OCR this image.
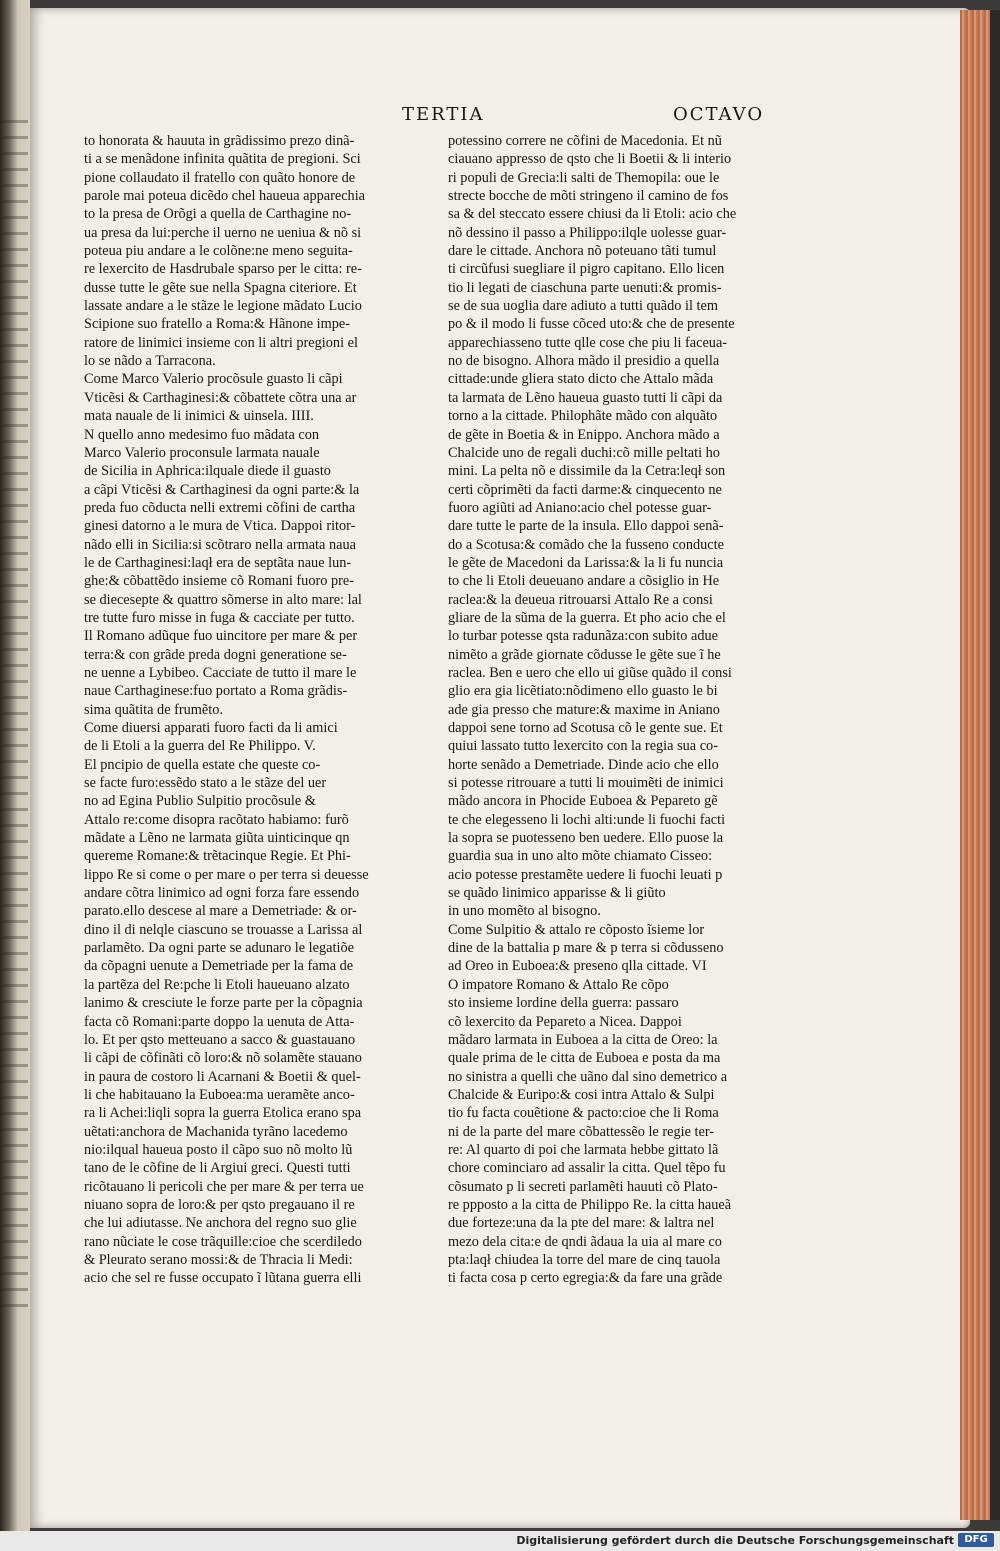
TERTIA	OCTAVO

to honorata & hauuta in grãdissimo prezo dinã-

ti a se menãdone infinita quãtita de pregioni. Sci

pione collaudato il fratello con quãto honore de

parole mai poteua dicẽdo chel haueua apparechia

to la presa de Orõgi a quella de Carthagine no-

ua presa da lui:perche il uerno ne ueniua & nõ si

poteua piu andare a le colõne:ne meno seguita-

re lexercito de Hasdrubale sparso per le citta: re-

dusse tutte le gẽte sue nella Spagna citeriore. Et

lassate andare a le stãze le legione mãdato Lucio

Scipione suo fratello a Roma:& Hãnone impe-

ratore de linimici insieme con li altri pregioni el

lo se nãdo a Tarracona.

Come Marco Valerio procõsule guasto li cãpi

Vticẽsi & Carthaginesi:& cõbattete cõtra una ar

mata nauale de li inimici & uinsela. IIII.

N quello anno medesimo fuo mãdata con

Marco Valerio proconsule larmata nauale

de Sicilia in Aphrica:ilquale diede il guasto

a cãpi Vticẽsi & Carthaginesi da ogni parte:& la

preda fuo cõducta nelli extremi cõfini de cartha

ginesi datorno a le mura de Vtica. Dappoi ritor-

nãdo elli in Sicilia:si scõtraro nella armata naua

le de Carthaginesi:laqł era de septãta naue lun-

ghe:& cõbattẽdo insieme cõ Romani fuoro pre-

se diecesepte & quattro sõmerse in alto mare: lal

tre tutte furo misse in fuga & cacciate per tutto.

Il Romano adũque fuo uincitore per mare & per

terra:& con grãde preda dogni generatione se-

ne uenne a Lybibeo. Cacciate de tutto il mare le

naue Carthaginese:fuo portato a Roma grãdis-

sima quãtita de frumẽto.

Come diuersi apparati fuoro facti da li amici

de li Etoli a la guerra del Re Philippo. V.

El pncipio de quella estate che queste co-

se facte furo:essẽdo stato a le stãze del uer

no ad Egina Publio Sulpitio procõsule &

Attalo re:come disopra racõtato habiamo: furõ

mãdate a Lẽno ne larmata giũta uinticinque qn

quereme Romane:& trẽtacinque Regie. Et Phi-

lippo Re si come o per mare o per terra si deuesse

andare cõtra linimico ad ogni forza fare essendo

parato.ello descese al mare a Demetriade: & or-

dino il di nelqle ciascuno se trouasse a Larissa al

parlamẽto. Da ogni parte se adunaro le legatiõe

da cõpagni uenute a Demetriade per la fama de

la partẽza del Re:pche li Etoli haueuano alzato

lanimo & cresciute le forze parte per la cõpagnia

facta cõ Romani:parte doppo la uenuta de Atta-

lo. Et per qsto metteuano a sacco & guastauano

li cãpi de cõfinãti cõ loro:& nõ solamẽte stauano

in paura de costoro li Acarnani & Boetii & quel-

li che habitauano la Euboea:ma ueramẽte anco-

ra li Achei:liqli sopra la guerra Etolica erano spa

uẽtati:anchora de Machanida tyrãno lacedemo

nio:ilqual haueua posto il cãpo suo nõ molto lũ

tano de le cõfine de li Argiui greci. Questi tutti

ricõtauano li pericoli che per mare & per terra ue

niuano sopra de loro:& per qsto pregauano il re

che lui adiutasse. Ne anchora del regno suo glie

rano nũciate le cose trãquille:cioe che scerdiledo

& Pleurato serano mossi:& de Thracia li Medi:

acio che sel re fusse occupato ĩ lũtana guerra elli

potessino correre ne cõfini de Macedonia. Et nũ

ciauano appresso de qsto che li Boetii & li interio

ri populi de Grecia:li salti de Themopila: oue le

strecte bocche de mõti stringeno il camino de fos

sa & del steccato essere chiusi da li Etoli: acio che

nõ dessino il passo a Philippo:ilqle uolesse guar-

dare le cittade. Anchora nõ poteuano tãti tumul

ti circũfusi suegliare il pigro capitano. Ello licen

tio li legati de ciaschuna parte uenuti:& promis-

se de sua uoglia dare adiuto a tutti quãdo il tem

po & il modo li fusse cõced uto:& che de presente

apparechiasseno tutte qlle cose che piu li faceua-

no de bisogno. Alhora mãdo il presidio a quella

cittade:unde gliera stato dicto che Attalo mãda

ta larmata de Lẽno haueua guasto tutti li cãpi da

torno a la cittade. Philophãte mãdo con alquãto

de gẽte in Boetia & in Enippo. Anchora mãdo a

Chalcide uno de regali duchi:cõ mille peltati ho

mini. La pelta nõ e dissimile da la Cetra:leqł son

certi cõprimẽti da facti darme:& cinquecento ne

fuoro agiũti ad Aniano:acio chel potesse guar-

dare tutte le parte de la insula. Ello dappoi senã-

do a Scotusa:& comãdo che la fusseno conducte

le gẽte de Macedoni da Larissa:& la li fu nuncia

to che li Etoli deueuano andare a cõsiglio in He

raclea:& la deueua ritrouarsi Attalo Re a consi

gliare de la sũma de la guerra. Et pho acio che el

lo turbar potesse qsta radunãza:con subito adue

nimẽto a grãde giornate cõdusse le gẽte sue ĩ he

raclea. Ben e uero che ello ui giũse quãdo il consi

glio era gia licẽtiato:nõdimeno ello guasto le bi

ade gia presso che mature:& maxime in Aniano

dappoi sene torno ad Scotusa cõ le gente sue. Et

quiui lassato tutto lexercito con la regia sua co-

horte senãdo a Demetriade. Dinde acio che ello

si potesse ritrouare a tutti li mouimẽti de inimici

mãdo ancora in Phocide Euboea & Pepareto gẽ

te che elegesseno li lochi alti:unde li fuochi facti

la sopra se puotesseno ben uedere. Ello puose la

guardia sua in uno alto mõte chiamato Cisseo:

acio potesse prestamẽte uedere li fuochi leuati p

se quãdo linimico apparisse & li giũto

in uno momẽto al bisogno.

Come Sulpitio & attalo re cõposto ĩsieme lor

dine de la battalia p mare & p terra si cõdusseno

ad Oreo in Euboea:& preseno qlla cittade. VI

O impatore Romano & Attalo Re cõpo

sto insieme lordine della guerra: passaro

cõ lexercito da Pepareto a Nicea. Dappoi

mãdaro larmata in Euboea a la citta de Oreo: la

quale prima de le citta de Euboea e posta da ma

no sinistra a quelli che uãno dal sino demetrico a

Chalcide & Euripo:& cosi intra Attalo & Sulpi

tio fu facta couẽtione & pacto:cioe che li Roma

ni de la parte del mare cõbattessẽo le regie ter-

re: Al quarto di poi che larmata hebbe gittato lã

chore cominciaro ad assalir la citta. Quel tẽpo fu

cõsumato p li secreti parlamẽti hauuti cõ Plato-

re ppposto a la citta de Philippo Re. la citta haueã

due forteze:una da la pte del mare: & laltra nel

mezo dela cita:e de qndi ãdaua la uia al mare co

pta:laqł chiudea la torre del mare de cinq tauola

ti facta cosa p certo egregia:& da fare una grãde

Digitalisierung gefördert durch die Deutsche Forschungsgemeinschaft	DFG
